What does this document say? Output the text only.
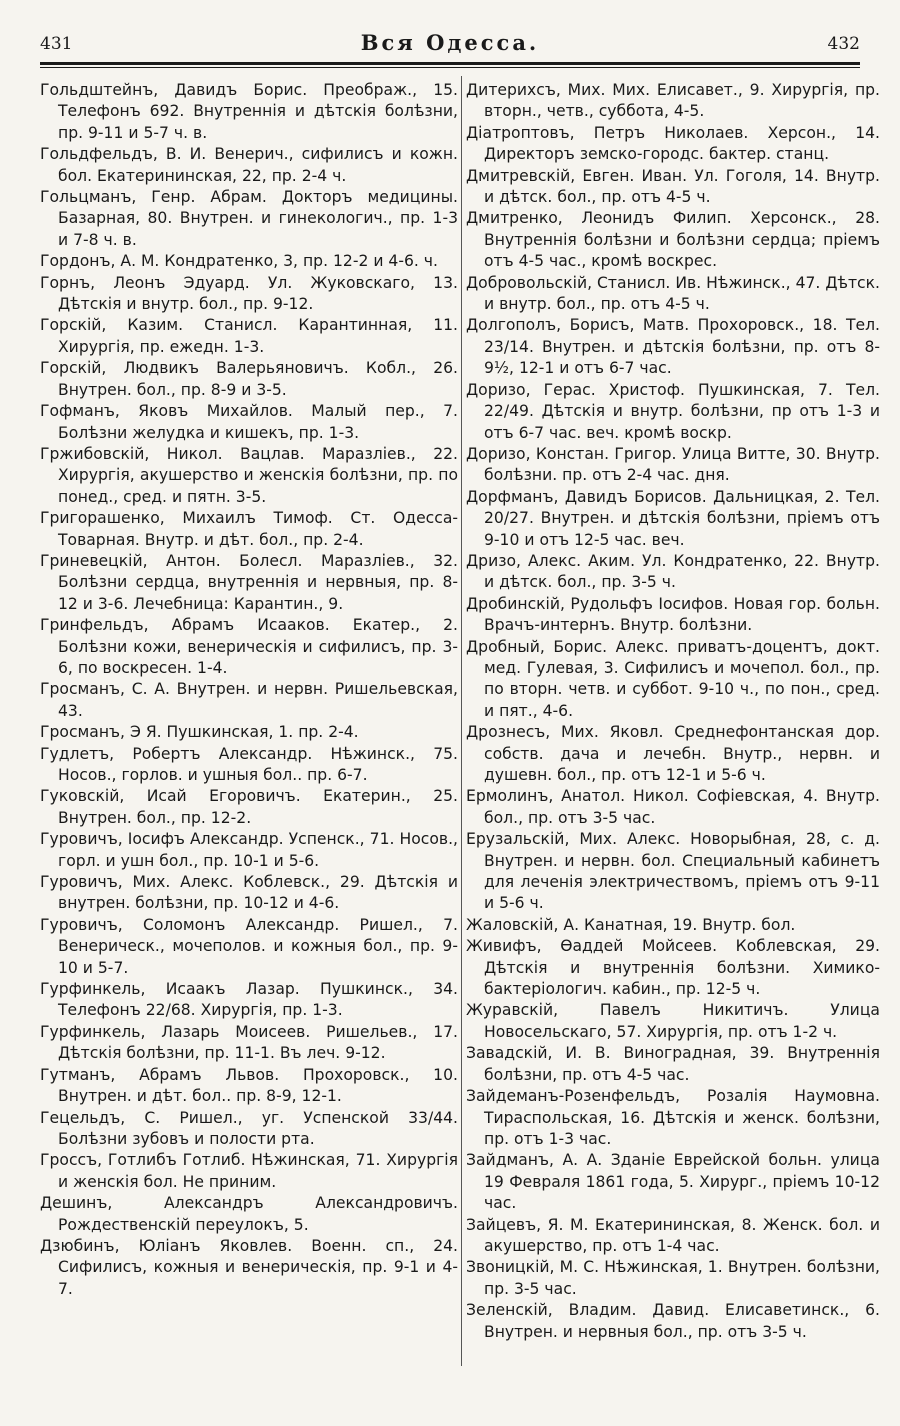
431	Вся Одесса.	432

Гольдштейнъ, Давидъ Борис. Преображ., 15. Телефонъ 692. Внутреннія и дѣтскія болѣзни, пр. 9-11 и 5-7 ч. в.

Гольдфельдъ, В. И. Венерич., сифилисъ и кожн. бол. Екатерининская, 22, пр. 2-4 ч.

Гольцманъ, Генр. Абрам. Докторъ медицины. Базарная, 80. Внутрен. и гинекологич., пр. 1-3 и 7-8 ч. в.

Гордонъ, А. М. Кондратенко, 3, пр. 12-2 и 4-6. ч.

Горнъ, Леонъ Эдуард. Ул. Жуковскаго, 13. Дѣтскія и внутр. бол., пр. 9-12.

Горскій, Казим. Станисл. Карантинная, 11. Хирургія, пр. ежедн. 1-3.

Горскій, Людвикъ Валерьяновичъ. Кобл., 26. Внутрен. бол., пр. 8-9 и 3-5.

Гофманъ, Яковъ Михайлов. Малый пер., 7. Болѣзни желудка и кишекъ, пр. 1-3.

Гржибовскій, Никол. Вацлав. Маразліев., 22. Хирургія, акушерство и женскія болѣзни, пр. по понед., сред. и пятн. 3-5.

Григорашенко, Михаилъ Тимоф. Ст. Одесса-Товарная. Внутр. и дѣт. бол., пр. 2-4.

Гриневецкій, Антон. Болесл. Маразліев., 32. Болѣзни сердца, внутреннія и нервныя, пр. 8-12 и 3-6. Лечебница: Карантин., 9.

Гринфельдъ, Абрамъ Исааков. Екатер., 2. Болѣзни кожи, венерическія и сифилисъ, пр. 3-6, по воскресен. 1-4.

Гросманъ, С. А. Внутрен. и нервн. Ришельевская, 43.

Гросманъ, Э Я. Пушкинская, 1. пр. 2-4.

Гудлетъ, Робертъ Александр. Нѣжинск., 75. Носов., горлов. и ушныя бол.. пр. 6-7.

Гуковскій, Исай Егоровичъ. Екатерин., 25. Внутрен. бол., пр. 12-2.

Гуровичъ, Іосифъ Александр. Успенск., 71. Носов., горл. и ушн бол., пр. 10-1 и 5-6.

Гуровичъ, Мих. Алекс. Коблевск., 29. Дѣтскія и внутрен. болѣзни, пр. 10-12 и 4-6.

Гуровичъ, Соломонъ Александр. Ришел., 7. Венерическ., мочеполов. и кожныя бол., пр. 9-10 и 5-7.

Гурфинкель, Исаакъ Лазар. Пушкинск., 34. Телефонъ 22/68. Хирургія, пр. 1-3.

Гурфинкель, Лазарь Моисеев. Ришельев., 17. Дѣтскія болѣзни, пр. 11-1. Въ леч. 9-12.

Гутманъ, Абрамъ Львов. Прохоровск., 10. Внутрен. и дѣт. бол.. пр. 8-9, 12-1.

Гецельдъ, С. Ришел., уг. Успенской 33/44. Болѣзни зубовъ и полости рта.

Гроссъ, Готлибъ Готлиб. Нѣжинская, 71. Хирургія и женскія бол. Не приним.

Дешинъ, Александръ Александровичъ. Рождественскій переулокъ, 5.

Дзюбинъ, Юліанъ Яковлев. Военн. сп., 24. Сифилисъ, кожныя и венерическія, пр. 9-1 и 4-7.

Дитерихсъ, Мих. Мих. Елисавет., 9. Хирургія, пр. вторн., четв., суббота, 4-5.

Діатроптовъ, Петръ Николаев. Херсон., 14. Директоръ земско-городс. бактер. станц.

Дмитревскій, Евген. Иван. Ул. Гоголя, 14. Внутр. и дѣтск. бол., пр. отъ 4-5 ч.

Дмитренко, Леонидъ Филип. Херсонск., 28. Внутреннія болѣзни и болѣзни сердца; пріемъ отъ 4-5 час., кромѣ воскрес.

Добровольскій, Станисл. Ив. Нѣжинск., 47. Дѣтск. и внутр. бол., пр. отъ 4-5 ч.

Долгополъ, Борисъ, Матв. Прохоровск., 18. Тел. 23/14. Внутрен. и дѣтскія болѣзни, пр. отъ 8-9½, 12-1 и отъ 6-7 час.

Доризо, Герас. Христоф. Пушкинская, 7. Тел. 22/49. Дѣтскія и внутр. болѣзни, пр отъ 1-3 и отъ 6-7 час. веч. кромѣ воскр.

Доризо, Констан. Григор. Улица Витте, 30. Внутр. болѣзни. пр. отъ 2-4 час. дня.

Дорфманъ, Давидъ Борисов. Дальницкая, 2. Тел. 20/27. Внутрен. и дѣтскія болѣзни, пріемъ отъ 9-10 и отъ 12-5 час. веч.

Дризо, Алекс. Аким. Ул. Кондратенко, 22. Внутр. и дѣтск. бол., пр. 3-5 ч.

Дробинскій, Рудольфъ Іосифов. Новая гор. больн. Врачъ-интернъ. Внутр. болѣзни.

Дробный, Борис. Алекс. приватъ-доцентъ, докт. мед. Гулевая, 3. Сифилисъ и мочепол. бол., пр. по вторн. четв. и суббот. 9-10 ч., по пон., сред. и пят., 4-6.

Дрознесъ, Мих. Яковл. Среднефонтанская дор. собств. дача и лечебн. Внутр., нервн. и душевн. бол., пр. отъ 12-1 и 5-6 ч.

Ермолинъ, Анатол. Никол. Софіевская, 4. Внутр. бол., пр. отъ 3-5 час.

Ерузальскій, Мих. Алекс. Новорыбная, 28, с. д. Внутрен. и нервн. бол. Специальный кабинетъ для леченія электричествомъ, пріемъ отъ 9-11 и 5-6 ч.

Жаловскій, А. Канатная, 19. Внутр. бол.

Живифъ, Ѳаддей Мойсеев. Коблевская, 29. Дѣтскія и внутреннія болѣзни. Химико-бактеріологич. кабин., пр. 12-5 ч.

Журавскій, Павелъ Никитичъ. Улица Новосельскаго, 57. Хирургія, пр. отъ 1-2 ч.

Завадскій, И. В. Виноградная, 39. Внутреннія болѣзни, пр. отъ 4-5 час.

Зайдеманъ-Розенфельдъ, Розалія Наумовна. Тираспольская, 16. Дѣтскія и женск. болѣзни, пр. отъ 1-3 час.

Зайдманъ, А. А. Зданіе Еврейской больн. улица 19 Февраля 1861 года, 5. Хирург., пріемъ 10-12 час.

Зайцевъ, Я. М. Екатерининская, 8. Женск. бол. и акушерство, пр. отъ 1-4 час.

Звоницкій, М. С. Нѣжинская, 1. Внутрен. болѣзни, пр. 3-5 час.

Зеленскій, Владим. Давид. Елисаветинск., 6. Внутрен. и нервныя бол., пр. отъ 3-5 ч.
